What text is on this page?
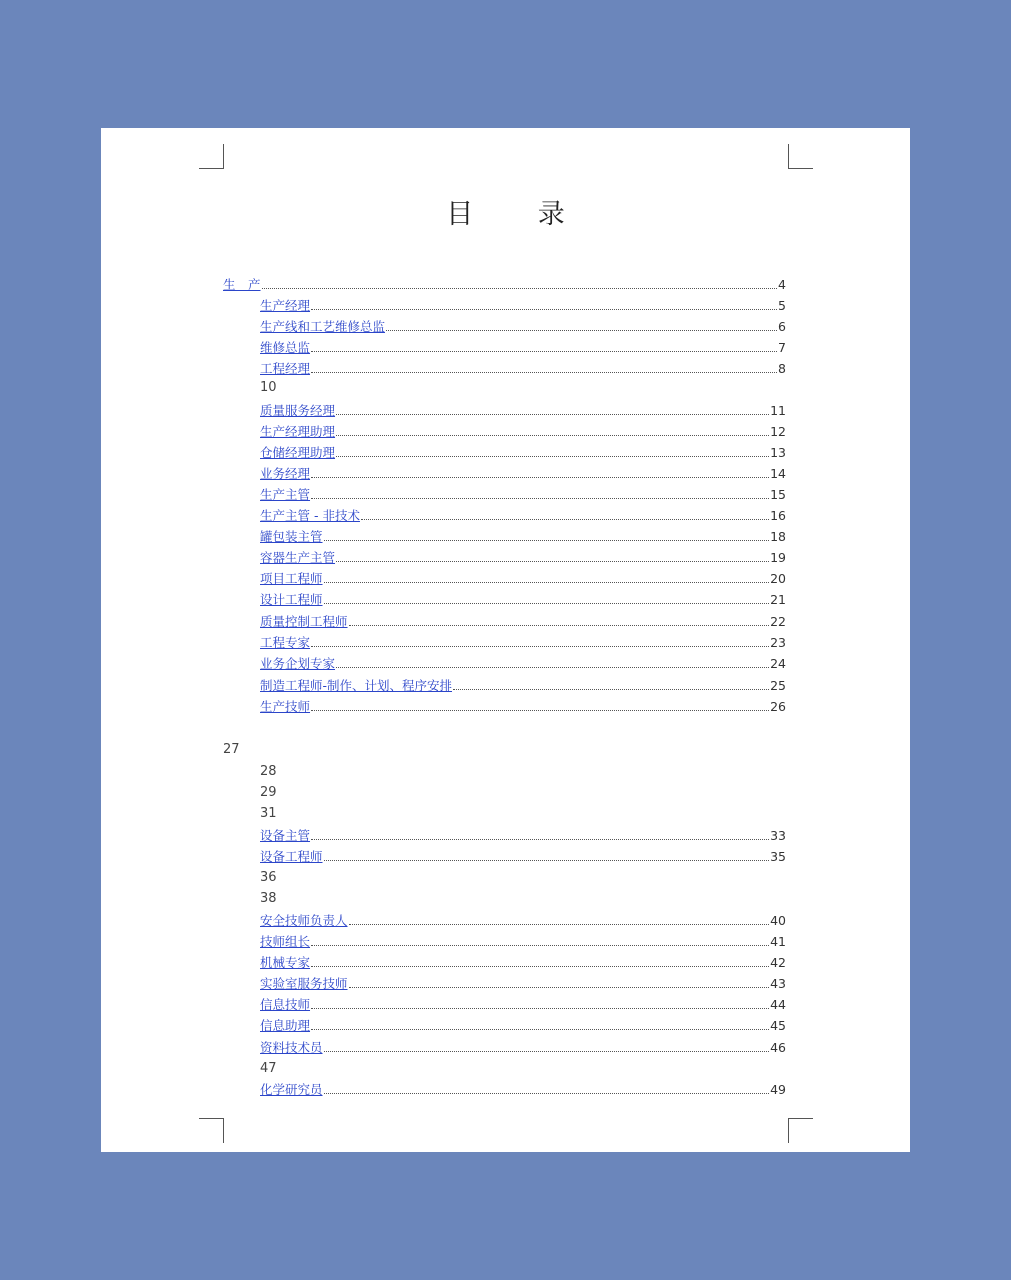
目 录
生　产	4
生产经理	5
生产线和工艺维修总监	6
维修总监	7
工程经理	8
10
质量服务经理	11
生产经理助理	12
仓储经理助理	13
业务经理	14
生产主管	15
生产主管 - 非技术	16
罐包装主管	18
容器生产主管	19
项目工程师	20
设计工程师	21
质量控制工程师	22
工程专家	23
业务企划专家	24
制造工程师-制作、计划、程序安排	25
生产技师	26
27
28
29
31
设备主管	33
设备工程师	35
36
38
安全技师负责人	40
技师组长	41
机械专家	42
实验室服务技师	43
信息技师	44
信息助理	45
资料技术员	46
47
化学研究员	49
